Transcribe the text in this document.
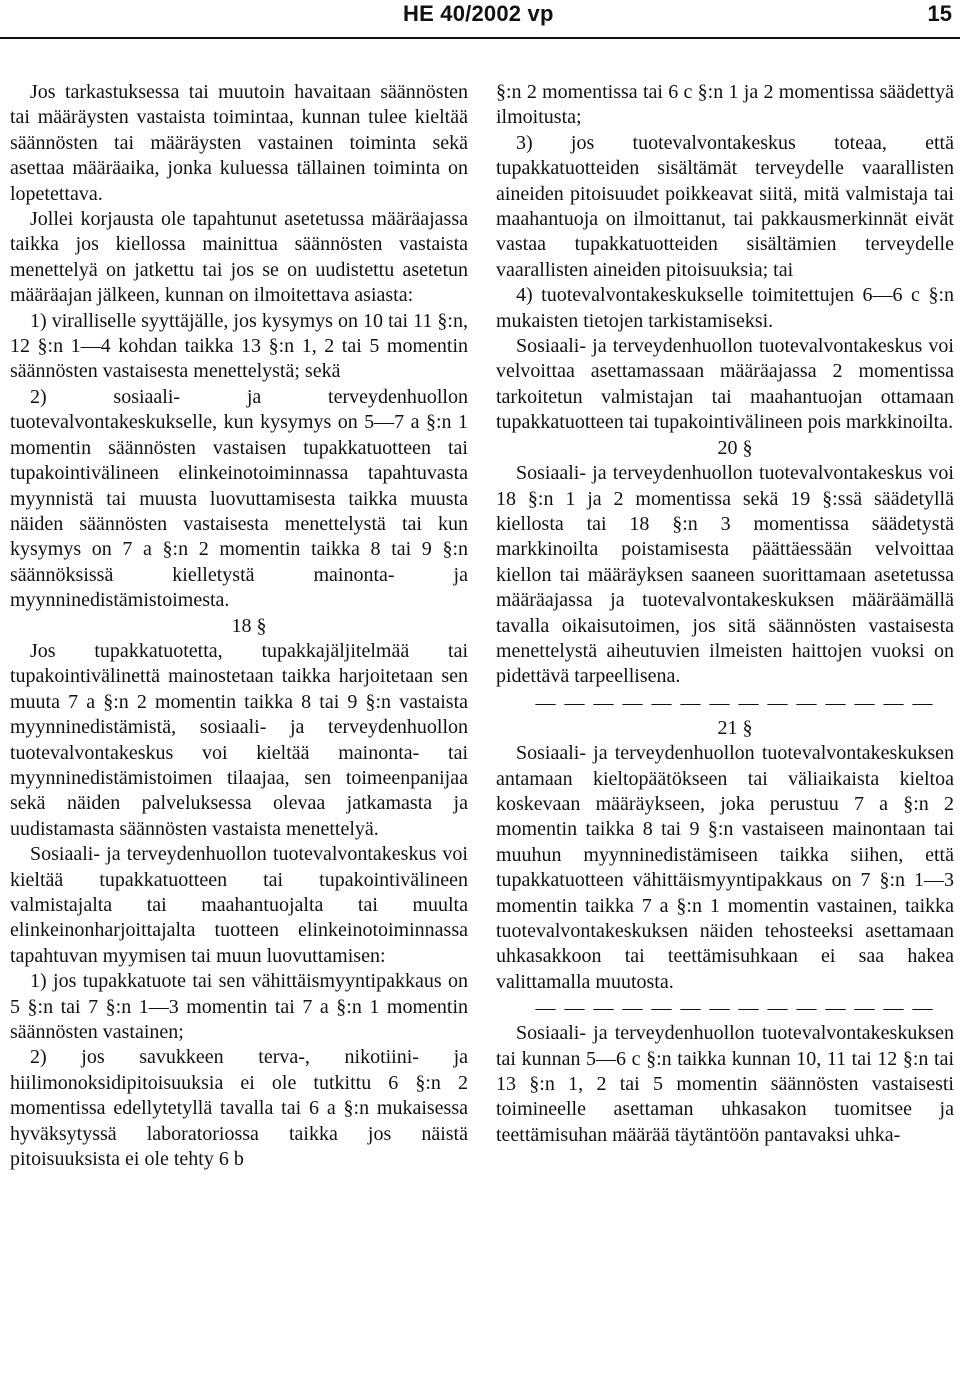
HE 40/2002 vp	15

Jos tarkastuksessa tai muutoin havaitaan säännösten tai määräysten vastaista toimintaa, kunnan tulee kieltää säännösten tai määräysten vastainen toiminta sekä asettaa määräaika, jonka kuluessa tällainen toiminta on lopetettava.

Jollei korjausta ole tapahtunut asetetussa määräajassa taikka jos kiellossa mainittua säännösten vastaista menettelyä on jatkettu tai jos se on uudistettu asetetun määräajan jälkeen, kunnan on ilmoitettava asiasta:

1) viralliselle syyttäjälle, jos kysymys on 10 tai 11 §:n, 12 §:n 1—4 kohdan taikka 13 §:n 1, 2 tai 5 momentin säännösten vastaisesta menettelystä; sekä

2) sosiaali- ja terveydenhuollon tuotevalvontakeskukselle, kun kysymys on 5—7 a §:n 1 momentin säännösten vastaisen tupakkatuotteen tai tupakointivälineen elinkeinotoiminnassa tapahtuvasta myynnistä tai muusta luovuttamisesta taikka muusta näiden säännösten vastaisesta menettelystä tai kun kysymys on 7 a §:n 2 momentin taikka 8 tai 9 §:n säännöksissä kielletystä mainonta- ja myynninedistämistoimesta.

18 §

Jos tupakkatuotetta, tupakkajäljitelmää tai tupakointivälinettä mainostetaan taikka harjoitetaan sen muuta 7 a §:n 2 momentin taikka 8 tai 9 §:n vastaista myynninedistämistä, sosiaali- ja terveydenhuollon tuotevalvontakeskus voi kieltää mainonta- tai myynninedistämistoimen tilaajaa, sen toimeenpanijaa sekä näiden palveluksessa olevaa jatkamasta ja uudistamasta säännösten vastaista menettelyä.

Sosiaali- ja terveydenhuollon tuotevalvontakeskus voi kieltää tupakkatuotteen tai tupakointivälineen valmistajalta tai maahantuojalta tai muulta elinkeinonharjoittajalta tuotteen elinkeinotoiminnassa tapahtuvan myymisen tai muun luovuttamisen:

1) jos tupakkatuote tai sen vähittäismyyntipakkaus on 5 §:n tai 7 §:n 1—3 momentin tai 7 a §:n 1 momentin säännösten vastainen;

2) jos savukkeen terva-, nikotiini- ja hiilimonoksidipitoisuuksia ei ole tutkittu 6 §:n 2 momentissa edellytetyllä tavalla tai 6 a §:n mukaisessa hyväksytyssä laboratoriossa taikka jos näistä pitoisuuksista ei ole tehty 6 b

§:n 2 momentissa tai 6 c §:n 1 ja 2 momentissa säädettyä ilmoitusta;

3) jos tuotevalvontakeskus toteaa, että tupakkatuotteiden sisältämät terveydelle vaarallisten aineiden pitoisuudet poikkeavat siitä, mitä valmistaja tai maahantuoja on ilmoittanut, tai pakkausmerkinnät eivät vastaa tupakkatuotteiden sisältämien terveydelle vaarallisten aineiden pitoisuuksia; tai

4) tuotevalvontakeskukselle toimitettujen 6—6 c §:n mukaisten tietojen tarkistamiseksi.

Sosiaali- ja terveydenhuollon tuotevalvontakeskus voi velvoittaa asettamassaan määräajassa 2 momentissa tarkoitetun valmistajan tai maahantuojan ottamaan tupakkatuotteen tai tupakointivälineen pois markkinoilta.

20 §

Sosiaali- ja terveydenhuollon tuotevalvontakeskus voi 18 §:n 1 ja 2 momentissa sekä 19 §:ssä säädetyllä kiellosta tai 18 §:n 3 momentissa säädetystä markkinoilta poistamisesta päättäessään velvoittaa kiellon tai määräyksen saaneen suorittamaan asetetussa määräajassa ja tuotevalvontakeskuksen määräämällä tavalla oikaisutoimen, jos sitä säännösten vastaisesta menettelystä aiheutuvien ilmeisten haittojen vuoksi on pidettävä tarpeellisena.

— — — — — — — — — — — — — —

21 §

Sosiaali- ja terveydenhuollon tuotevalvontakeskuksen antamaan kieltopäätökseen tai väliaikaista kieltoa koskevaan määräykseen, joka perustuu 7 a §:n 2 momentin taikka 8 tai 9 §:n vastaiseen mainontaan tai muuhun myynninedistämiseen taikka siihen, että tupakkatuotteen vähittäismyyntipakkaus on 7 §:n 1—3 momentin taikka 7 a §:n 1 momentin vastainen, taikka tuotevalvontakeskuksen näiden tehosteeksi asettamaan uhkasakkoon tai teettämisuhkaan ei saa hakea valittamalla muutosta.

— — — — — — — — — — — — — —

Sosiaali- ja terveydenhuollon tuotevalvontakeskuksen tai kunnan 5—6 c §:n taikka kunnan 10, 11 tai 12 §:n tai 13 §:n 1, 2 tai 5 momentin säännösten vastaisesti toimineelle asettaman uhkasakon tuomitsee ja teettämisuhan määrää täytäntöön pantavaksi uhka-
